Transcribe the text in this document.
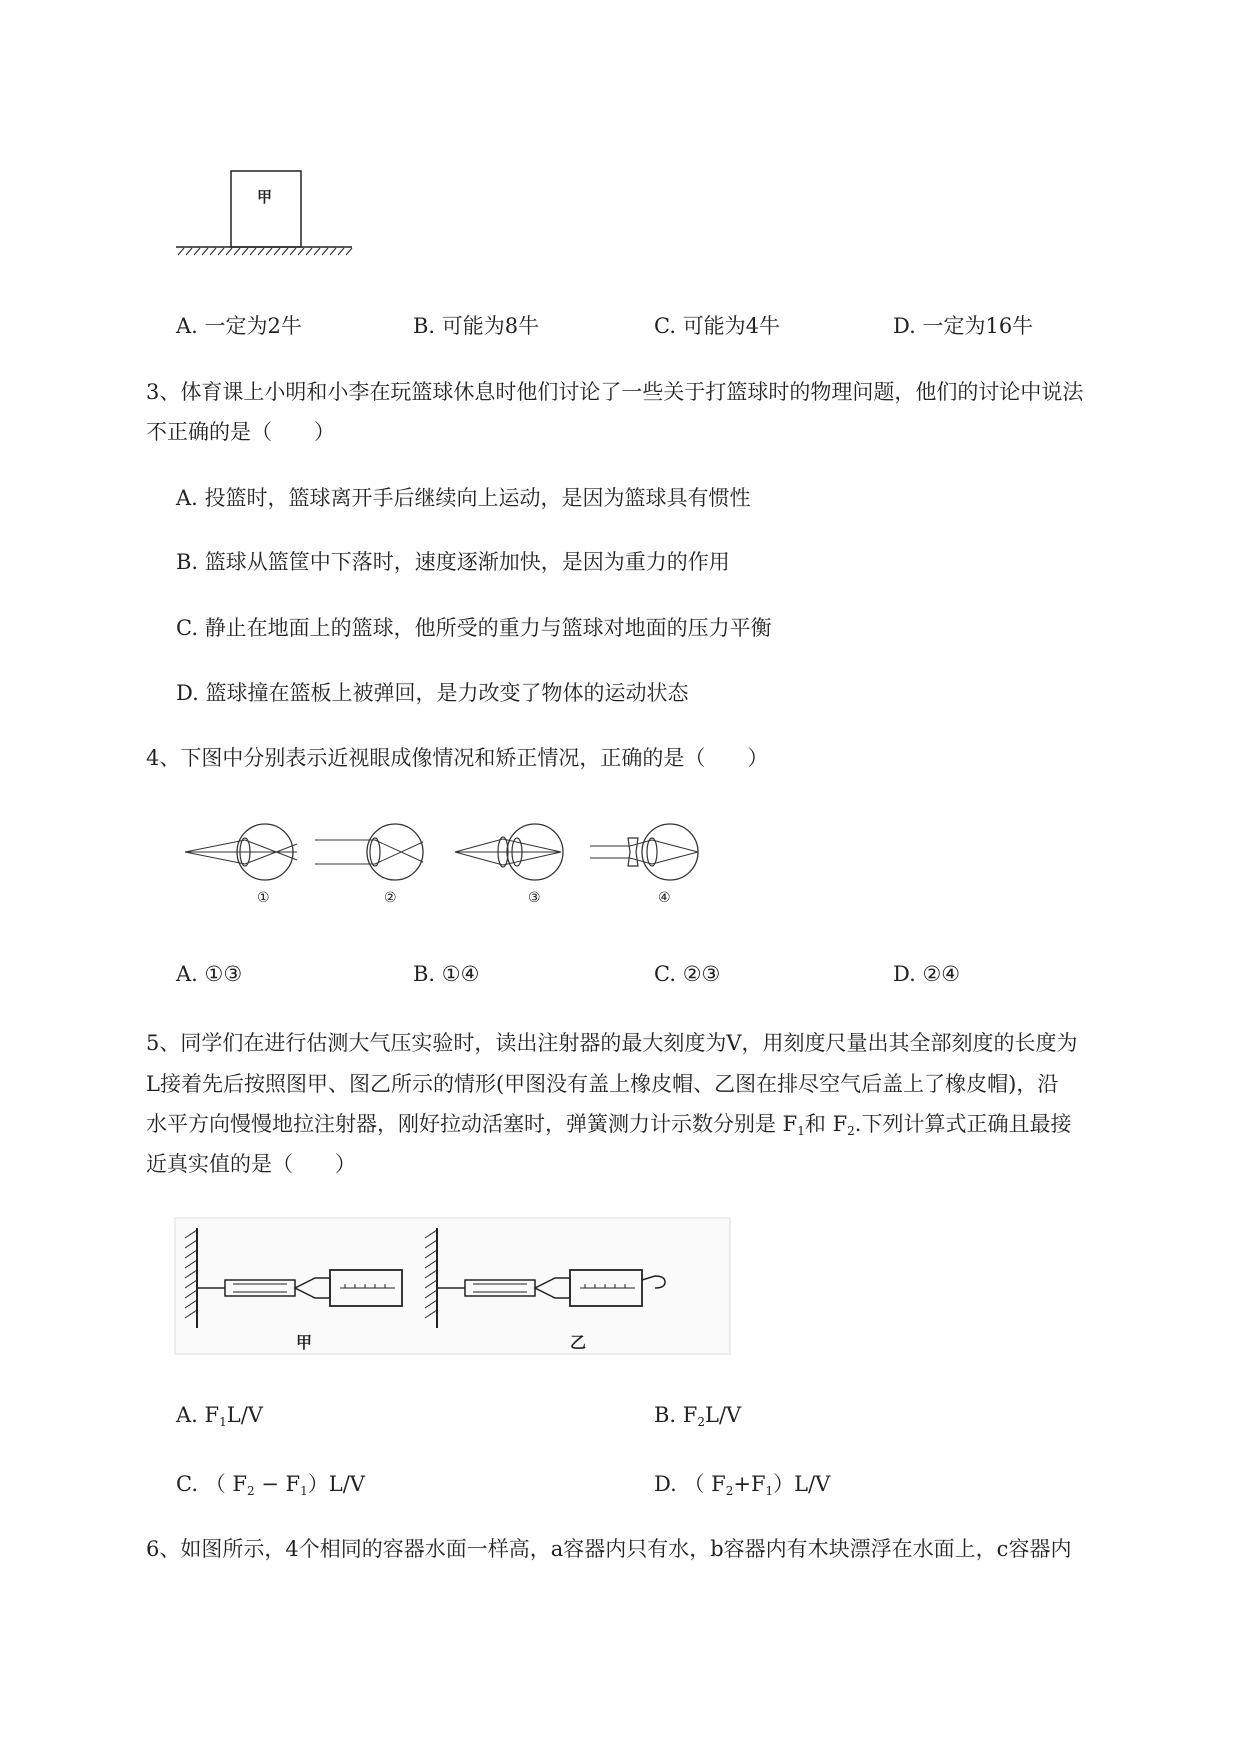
甲
A. 一定为2牛	B. 可能为8牛	C. 可能为4牛	D. 一定为16牛
3、体育课上小明和小李在玩篮球休息时他们讨论了一些关于打篮球时的物理问题，他们的讨论中说法
不正确的是（　　）
A. 投篮时，篮球离开手后继续向上运动，是因为篮球具有惯性
B. 篮球从篮筐中下落时，速度逐渐加快，是因为重力的作用
C. 静止在地面上的篮球，他所受的重力与篮球对地面的压力平衡
D. 篮球撞在篮板上被弹回，是力改变了物体的运动状态
4、下图中分别表示近视眼成像情况和矫正情况，正确的是（　　）
①	②	③	④
A. ①③	B. ①④	C. ②③	D. ②④
5、同学们在进行估测大气压实验时，读出注射器的最大刻度为V，用刻度尺量出其全部刻度的长度为
L接着先后按照图甲、图乙所示的情形(甲图没有盖上橡皮帽、乙图在排尽空气后盖上了橡皮帽)，沿
水平方向慢慢地拉注射器，刚好拉动活塞时，弹簧测力计示数分别是 $F_1$和 $F_2$.下列计算式正确且最接
近真实值的是（　　）
甲	乙
A. $F_1L/V$	B. $F_2L/V$
C. （ $F_2 - F_1)L/V$	D. （ $F_2+F_1)L/V$
6、如图所示，4个相同的容器水面一样高，a容器内只有水，b容器内有木块漂浮在水面上，c容器内
